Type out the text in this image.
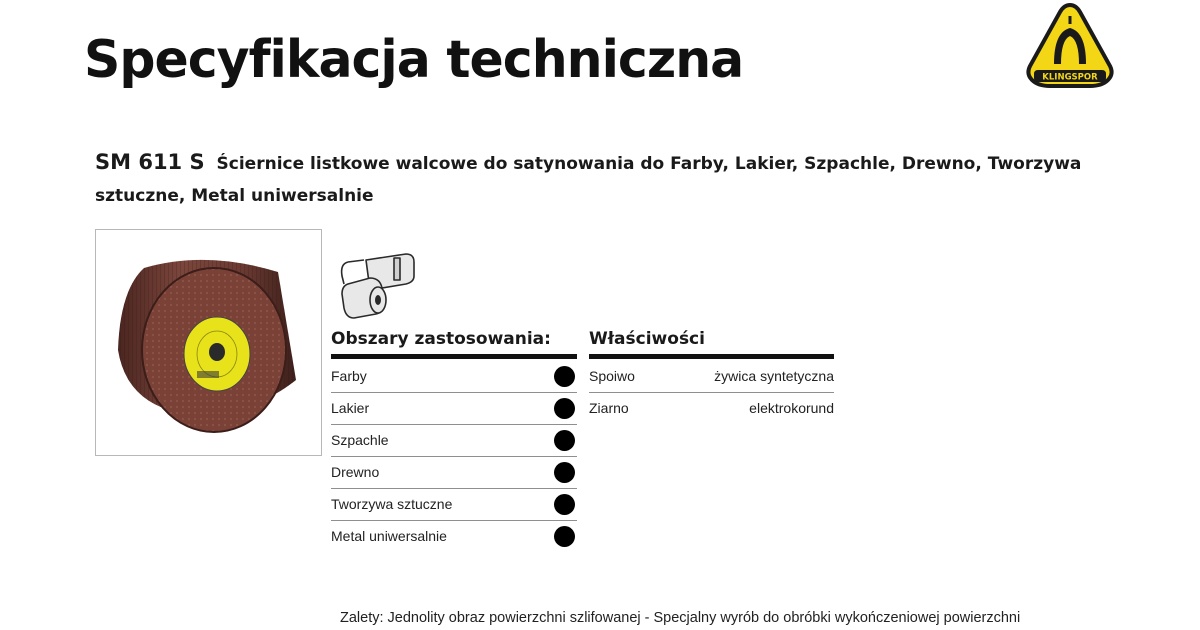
Specyfikacja techniczna	KLINGSPOR
SM 611 S Ściernice listkowe walcowe do satynowania do Farby, Lakier, Szpachle, Drewno, Tworzywa sztuczne, Metal uniwersalnie
Obszary zastosowania:
Farby
Lakier
Szpachle
Drewno
Tworzywa sztuczne
Metal uniwersalnie
Właściwości
Spoiwo	żywica syntetyczna
Ziarno	elektrokorund
Zalety: Jednolity obraz powierzchni szlifowanej - Specjalny wyrób do obróbki wykończeniowej powierzchni
